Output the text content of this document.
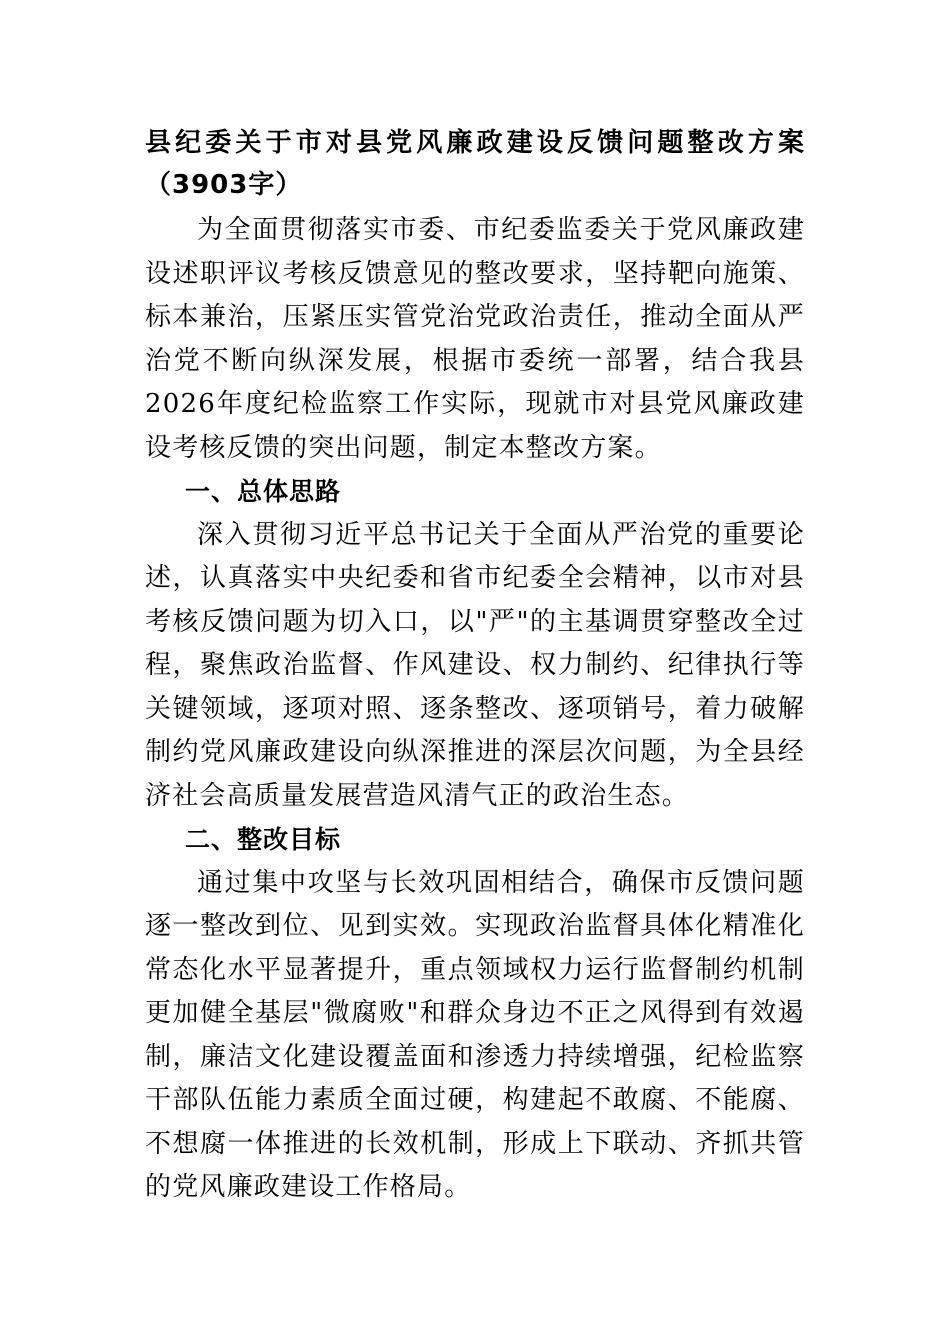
县纪委关于市对县党风廉政建设反馈问题整改方案（3903字）

为全面贯彻落实市委、市纪委监委关于党风廉政建设述职评议考核反馈意见的整改要求，坚持靶向施策、标本兼治，压紧压实管党治党政治责任，推动全面从严治党不断向纵深发展，根据市委统一部署，结合我县2026年度纪检监察工作实际，现就市对县党风廉政建设考核反馈的突出问题，制定本整改方案。

一、总体思路

深入贯彻习近平总书记关于全面从严治党的重要论述，认真落实中央纪委和省市纪委全会精神，以市对县考核反馈问题为切入口，以"严"的主基调贯穿整改全过程，聚焦政治监督、作风建设、权力制约、纪律执行等关键领域，逐项对照、逐条整改、逐项销号，着力破解制约党风廉政建设向纵深推进的深层次问题，为全县经济社会高质量发展营造风清气正的政治生态。

二、整改目标

通过集中攻坚与长效巩固相结合，确保市反馈问题逐一整改到位、见到实效。实现政治监督具体化精准化常态化水平显著提升，重点领域权力运行监督制约机制更加健全基层"微腐败"和群众身边不正之风得到有效遏制，廉洁文化建设覆盖面和渗透力持续增强，纪检监察干部队伍能力素质全面过硬，构建起不敢腐、不能腐、不想腐一体推进的长效机制，形成上下联动、齐抓共管的党风廉政建设工作格局。
